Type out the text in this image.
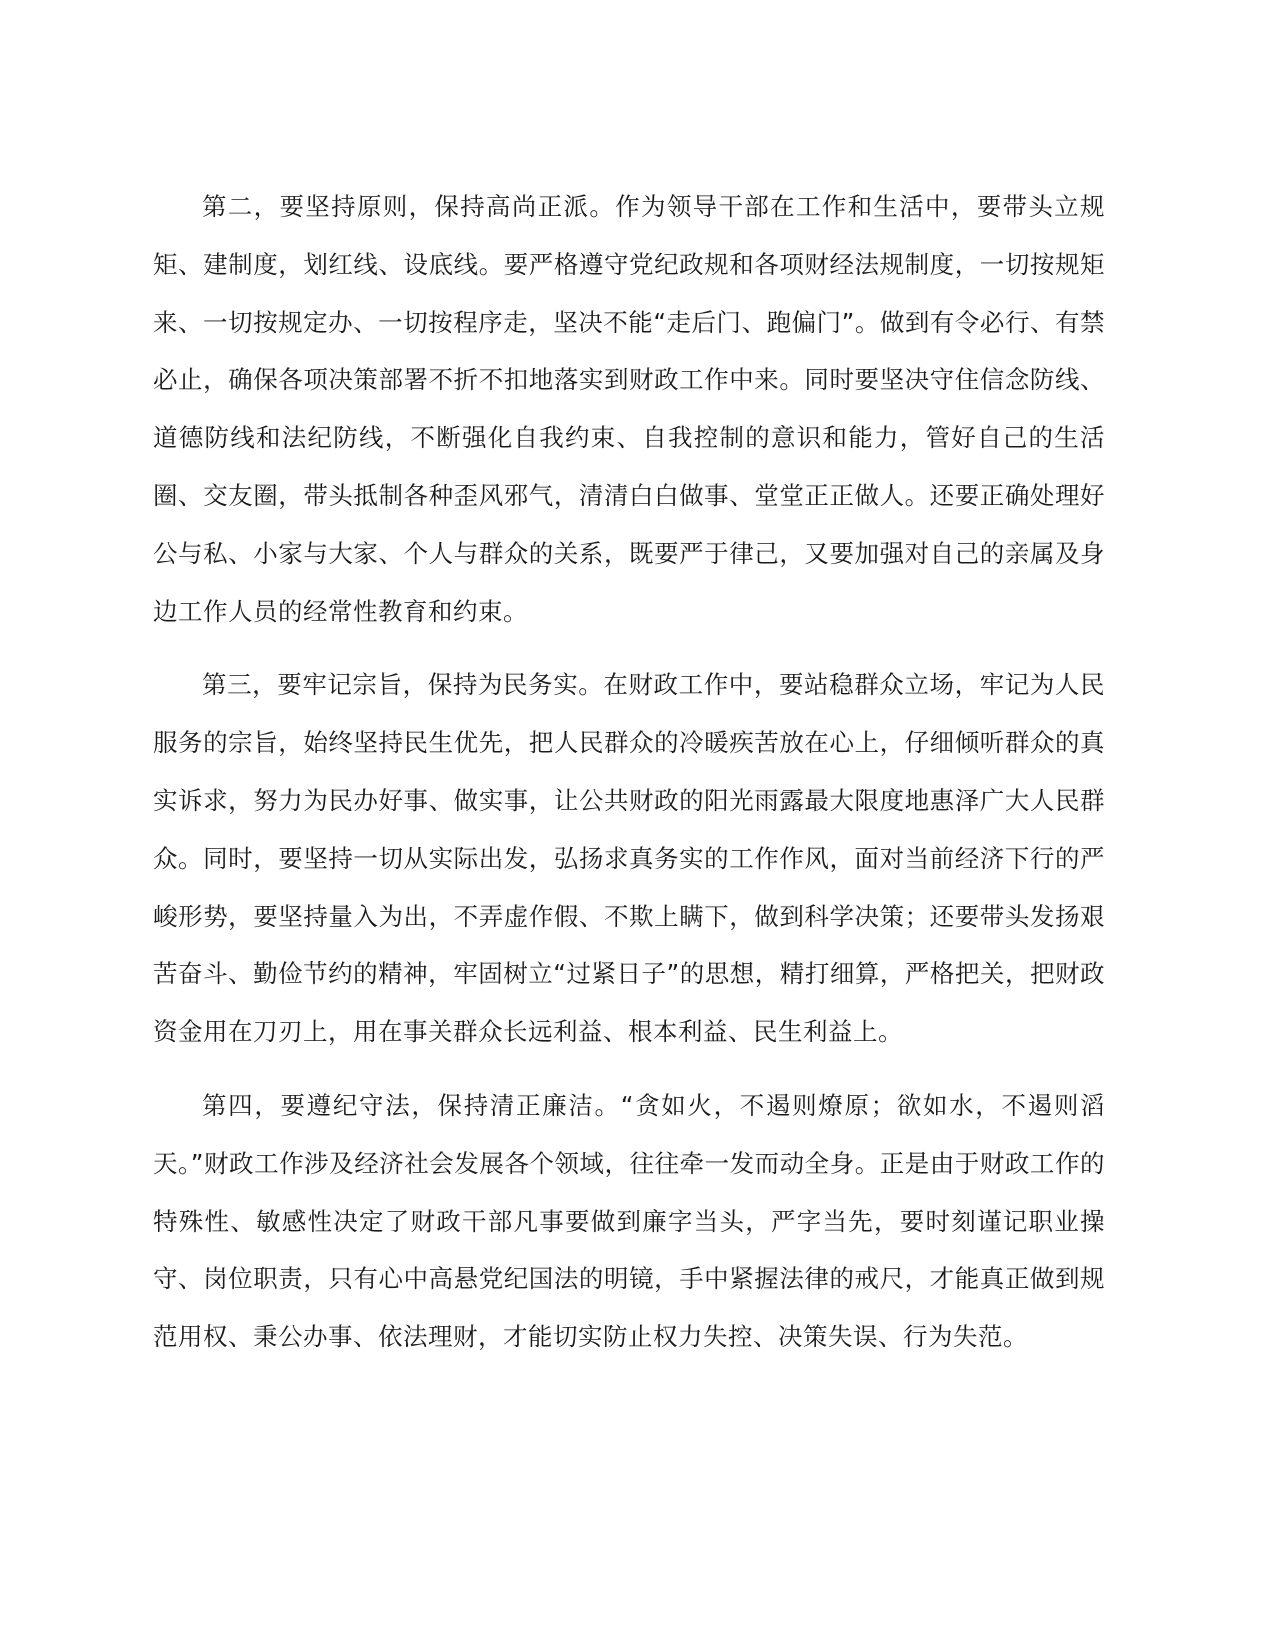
第二，要坚持原则，保持高尚正派。作为领导干部在工作和生活中，要带头立规矩、建制度，划红线、设底线。要严格遵守党纪政规和各项财经法规制度，一切按规矩来、一切按规定办、一切按程序走，坚决不能“走后门、跑偏门”。做到有令必行、有禁必止，确保各项决策部署不折不扣地落实到财政工作中来。同时要坚决守住信念防线、道德防线和法纪防线，不断强化自我约束、自我控制的意识和能力，管好自己的生活圈、交友圈，带头抵制各种歪风邪气，清清白白做事、堂堂正正做人。还要正确处理好公与私、小家与大家、个人与群众的关系，既要严于律己，又要加强对自己的亲属及身边工作人员的经常性教育和约束。

第三，要牢记宗旨，保持为民务实。在财政工作中，要站稳群众立场，牢记为人民服务的宗旨，始终坚持民生优先，把人民群众的冷暖疾苦放在心上，仔细倾听群众的真实诉求，努力为民办好事、做实事，让公共财政的阳光雨露最大限度地惠泽广大人民群众。同时，要坚持一切从实际出发，弘扬求真务实的工作作风，面对当前经济下行的严峻形势，要坚持量入为出，不弄虚作假、不欺上瞒下，做到科学决策；还要带头发扬艰苦奋斗、勤俭节约的精神，牢固树立“过紧日子”的思想，精打细算，严格把关，把财政资金用在刀刃上，用在事关群众长远利益、根本利益、民生利益上。

第四，要遵纪守法，保持清正廉洁。“贪如火，不遏则燎原；欲如水，不遏则滔天。”财政工作涉及经济社会发展各个领域，往往牵一发而动全身。正是由于财政工作的特殊性、敏感性决定了财政干部凡事要做到廉字当头，严字当先，要时刻谨记职业操守、岗位职责，只有心中高悬党纪国法的明镜，手中紧握法律的戒尺，才能真正做到规范用权、秉公办事、依法理财，才能切实防止权力失控、决策失误、行为失范。
